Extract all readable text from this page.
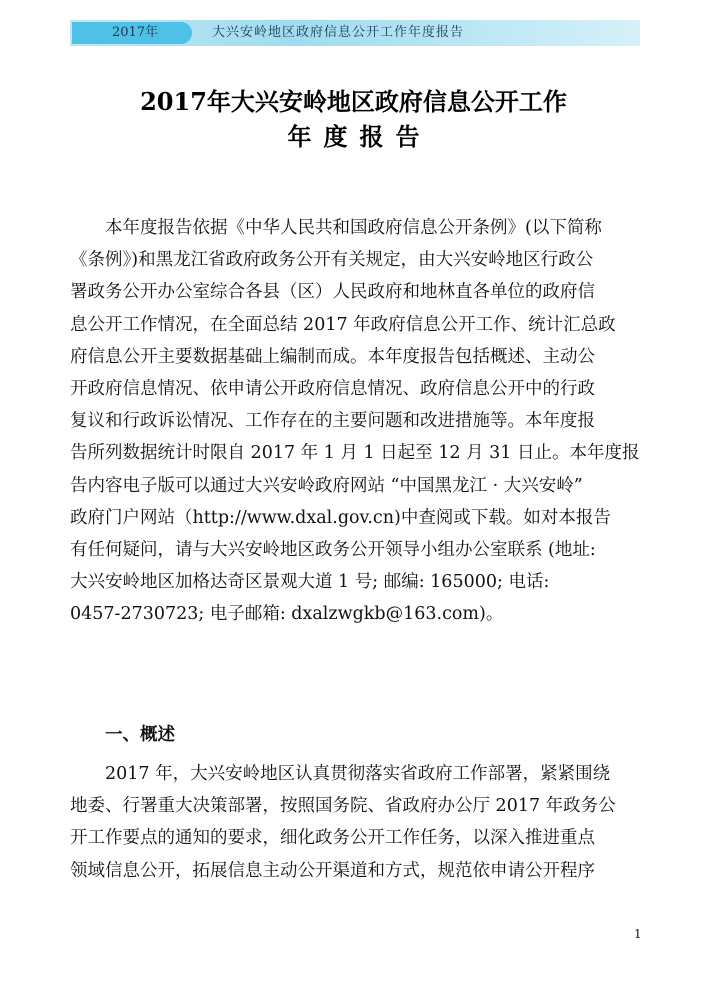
2017年	大兴安岭地区政府信息公开工作年度报告
2017年大兴安岭地区政府信息公开工作
年度报告
本年度报告依据《中华人民共和国政府信息公开条例》(以下简称
《条例》)和黑龙江省政府政务公开有关规定，由大兴安岭地区行政公
署政务公开办公室综合各县（区）人民政府和地林直各单位的政府信
息公开工作情况，在全面总结 2017 年政府信息公开工作、统计汇总政
府信息公开主要数据基础上编制而成。本年度报告包括概述、主动公
开政府信息情况、依申请公开政府信息情况、政府信息公开中的行政
复议和行政诉讼情况、工作存在的主要问题和改进措施等。本年度报
告所列数据统计时限自 2017 年 1 月 1 日起至 12 月 31 日止。本年度报
告内容电子版可以通过大兴安岭政府网站 “中国黑龙江 · 大兴安岭”
政府门户网站（http://www.dxal.gov.cn)中查阅或下载。如对本报告
有任何疑问，请与大兴安岭地区政务公开领导小组办公室联系 (地址:
大兴安岭地区加格达奇区景观大道 1 号; 邮编: 165000; 电话:
0457-2730723; 电子邮箱: dxalzwgkb@163.com)。
一、概述
2017 年，大兴安岭地区认真贯彻落实省政府工作部署，紧紧围绕
地委、行署重大决策部署，按照国务院、省政府办公厅 2017 年政务公
开工作要点的通知的要求，细化政务公开工作任务，以深入推进重点
领域信息公开，拓展信息主动公开渠道和方式，规范依申请公开程序
1
